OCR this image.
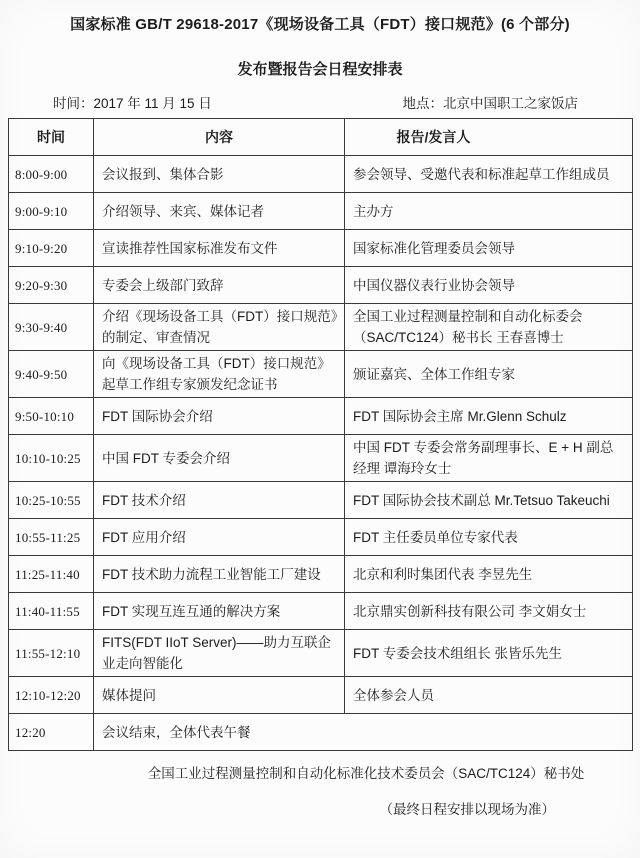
国家标准 GB/T 29618-2017《现场设备工具（FDT）接口规范》(6 个部分)
发布暨报告会日程安排表
时间：2017 年 11 月 15 日	地点：北京中国职工之家饭店
时间	内容	报告/发言人
8:00-9:00	会议报到、集体合影	参会领导、受邀代表和标准起草工作组成员
9:00-9:10	介绍领导、来宾、媒体记者	主办方
9:10-9:20	宣读推荐性国家标准发布文件	国家标准化管理委员会领导
9:20-9:30	专委会上级部门致辞	中国仪器仪表行业协会领导
9:30-9:40	介绍《现场设备工具（FDT）接口规范》的制定、审查情况	全国工业过程测量控制和自动化标委会（SAC/TC124）秘书长 王春喜博士
9:40-9:50	向《现场设备工具（FDT）接口规范》起草工作组专家颁发纪念证书	颁证嘉宾、全体工作组专家
9:50-10:10	FDT 国际协会介绍	FDT 国际协会主席 Mr.Glenn Schulz
10:10-10:25	中国 FDT 专委会介绍	中国 FDT 专委会常务副理事长、E + H 副总经理 谭海玲女士
10:25-10:55	FDT 技术介绍	FDT 国际协会技术副总 Mr.Tetsuo Takeuchi
10:55-11:25	FDT 应用介绍	FDT 主任委员单位专家代表
11:25-11:40	FDT 技术助力流程工业智能工厂建设	北京和利时集团代表 李昱先生
11:40-11:55	FDT 实现互连互通的解决方案	北京鼎实创新科技有限公司 李文娟女士
11:55-12:10	FITS(FDT IIoT Server)——助力互联企业走向智能化	FDT 专委会技术组组长 张皆乐先生
12:10-12:20	媒体提问	全体参会人员
12:20	会议结束，全体代表午餐	
全国工业过程测量控制和自动化标准化技术委员会（SAC/TC124）秘书处
（最终日程安排以现场为准）
